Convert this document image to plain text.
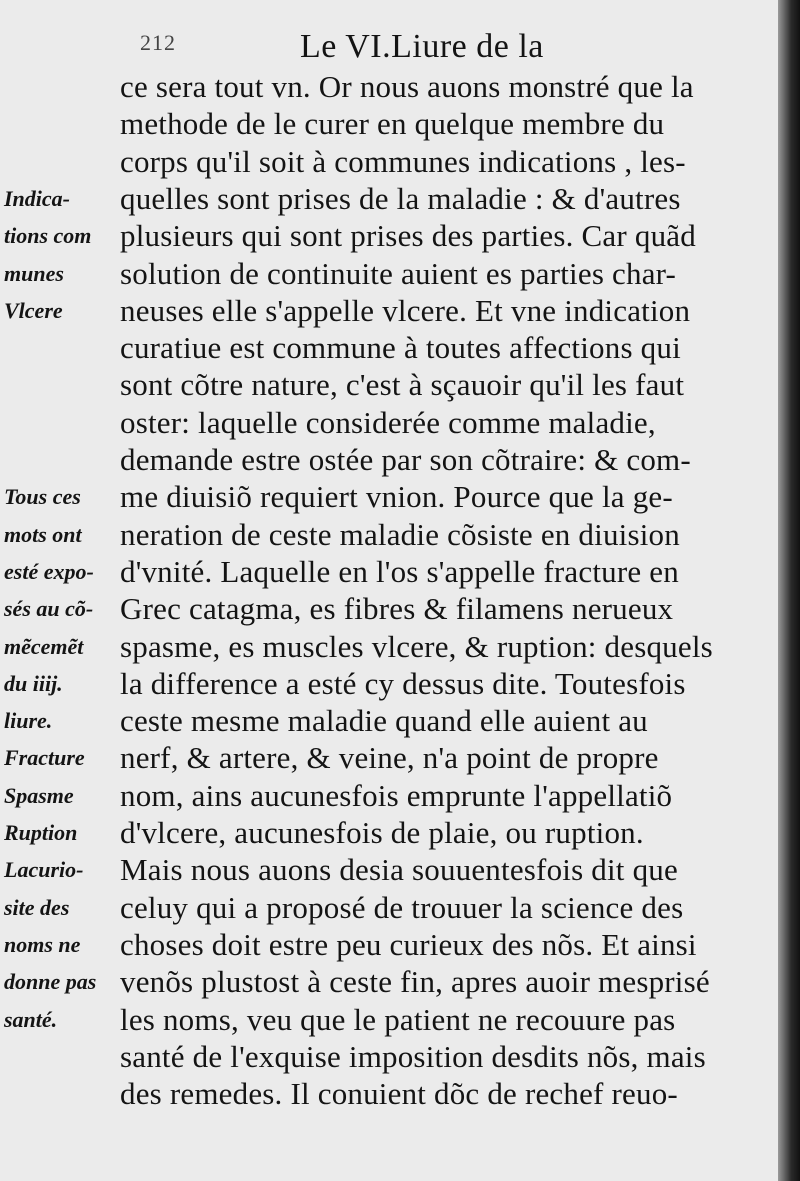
212	Le VI.Liure de la
ce sera tout vn. Or nous auons monstré que la
methode de le curer en quelque membre du
corps qu'il soit à communes indications , les-
quelles sont prises de la maladie : & d'autres
plusieurs qui sont prises des parties. Car quãd
solution de continuite auient es parties char-
neuses elle s'appelle vlcere. Et vne indication
curatiue est commune à toutes affections qui
sont cõtre nature, c'est à sçauoir qu'il les faut
oster: laquelle considerée comme maladie,
demande estre ostée par son cõtraire: & com-
me diuisiõ requiert vnion. Pource que la ge-
neration de ceste maladie cõsiste en diuision
d'vnité. Laquelle en l'os s'appelle fracture en
Grec catagma, es fibres & filamens nerueux
spasme, es muscles vlcere, & ruption: desquels
la difference a esté cy dessus dite. Toutesfois
ceste mesme maladie quand elle auient au
nerf, & artere, & veine, n'a point de propre
nom, ains aucunesfois emprunte l'appellatiõ
d'vlcere, aucunesfois de plaie, ou ruption.
Mais nous auons desia souuentesfois dit que
celuy qui a proposé de trouuer la science des
choses doit estre peu curieux des nõs. Et ainsi
venõs plustost à ceste fin, apres auoir mesprisé
les noms, veu que le patient ne recouure pas
santé de l'exquise imposition desdits nõs, mais
des remedes. Il conuient dõc de rechef reuo-
Indica-
tions com
munes
Vlcere
Tous ces
mots ont
esté expo-
sés au cõ-
mẽcemẽt
du iiij.
liure.
Fracture
Spasme
Ruption
Lacurio-
site des
noms ne
donne pas
santé.
